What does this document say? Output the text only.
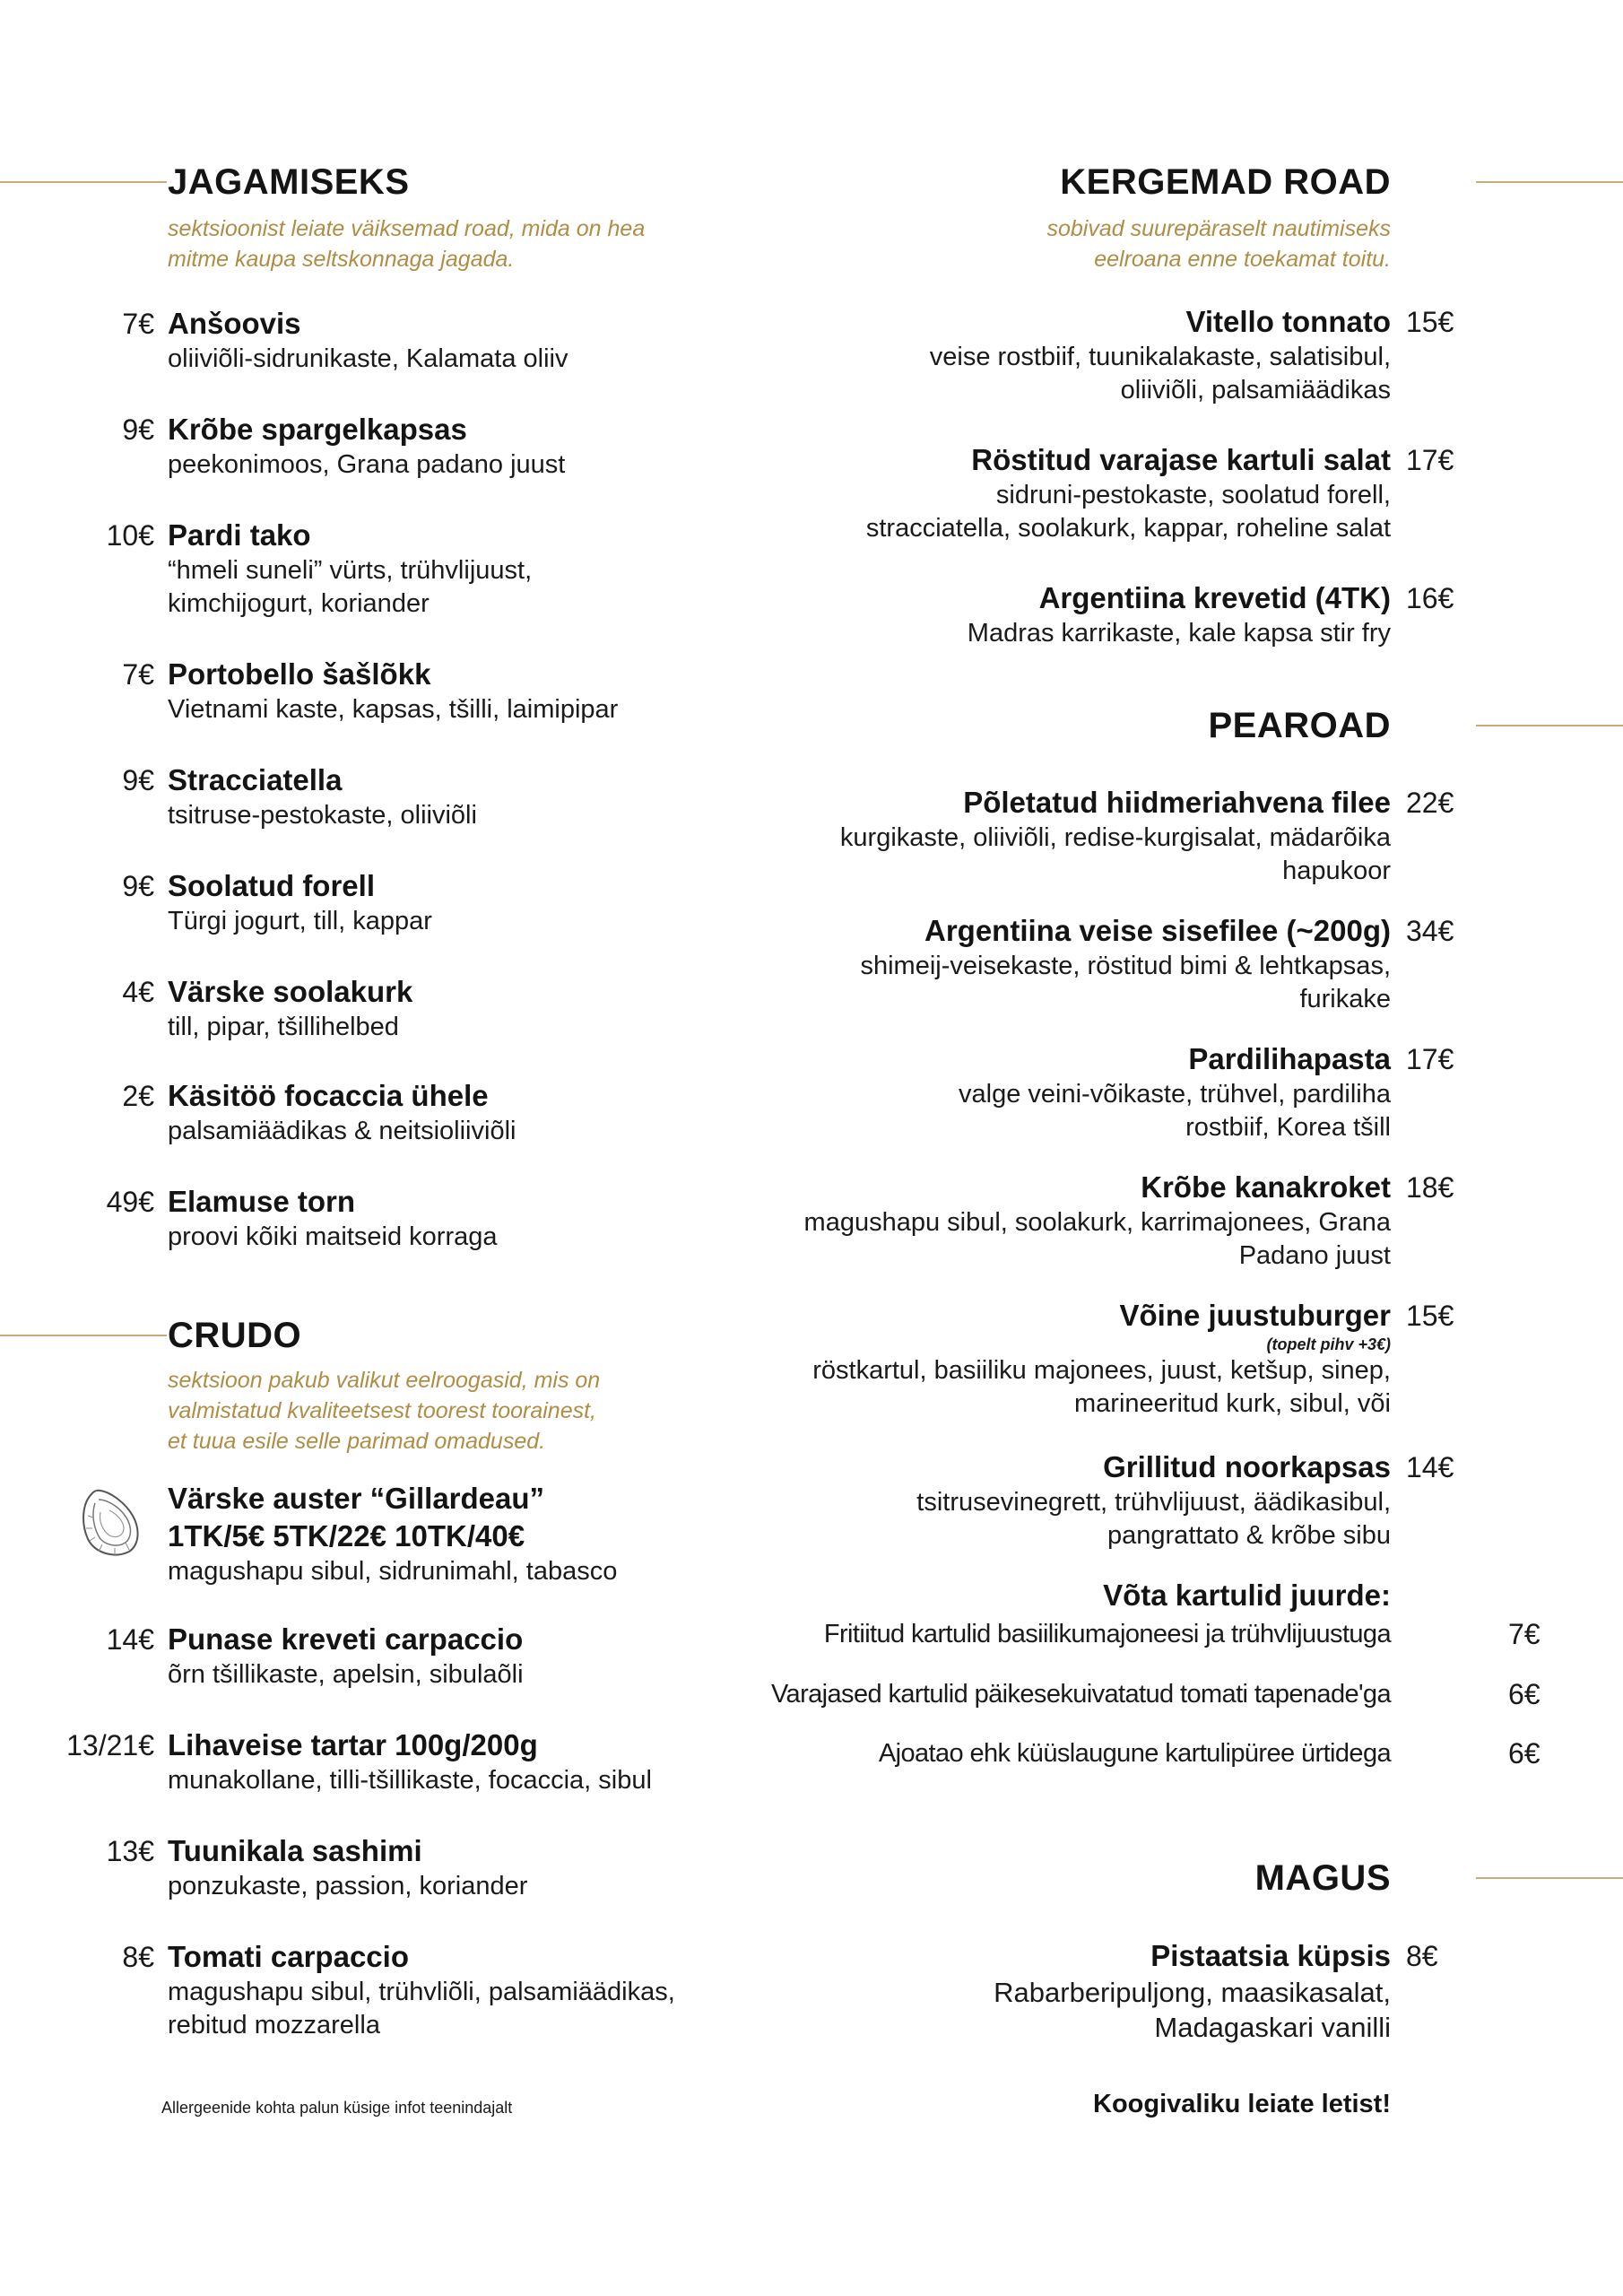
JAGAMISEKS
sektsioonist leiate väiksemad road, mida on hea
mitme kaupa seltskonnaga jagada.
7€ Anšoovis
oliiviõli-sidrunikaste, Kalamata oliiv
9€ Krõbe spargelkapsas
peekonimoos, Grana padano juust
10€ Pardi tako
“hmeli suneli” vürts, trühvlijuust,
kimchijogurt, koriander
7€ Portobello šašlõkk
Vietnami kaste, kapsas, tšilli, laimipipar
9€ Stracciatella
tsitruse-pestokaste, oliiviõli
9€ Soolatud forell
Türgi jogurt, till, kappar
4€ Värske soolakurk
till, pipar, tšillihelbed
2€ Käsitöö focaccia ühele
palsamiäädikas & neitsioliiviõli
49€ Elamuse torn
proovi kõiki maitseid korraga
CRUDO
sektsioon pakub valikut eelroogasid, mis on
valmistatud kvaliteetsest toorest toorainest,
et tuua esile selle parimad omadused.
Värske auster “Gillardeau”
1TK/5€ 5TK/22€ 10TK/40€
magushapu sibul, sidrunimahl, tabasco
14€ Punase kreveti carpaccio
õrn tšillikaste, apelsin, sibulaõli
13/21€ Lihaveise tartar 100g/200g
munakollane, tilli-tšillikaste, focaccia, sibul
13€ Tuunikala sashimi
ponzukaste, passion, koriander
8€ Tomati carpaccio
magushapu sibul, trühvliõli, palsamiäädikas,
rebitud mozzarella
Allergeenide kohta palun küsige infot teenindajalt
KERGEMAD ROAD
sobivad suurepäraselt nautimiseks
eelroana enne toekamat toitu.
15€
Vitello tonnato
veise rostbiif, tuunikalakaste, salatisibul,
oliiviõli, palsamiäädikas
17€
Röstitud varajase kartuli salat
sidruni-pestokaste, soolatud forell,
stracciatella, soolakurk, kappar, roheline salat
16€
Argentiina krevetid (4TK)
Madras karrikaste, kale kapsa stir fry
PEAROAD
22€
Põletatud hiidmeriahvena filee
kurgikaste, oliiviõli, redise-kurgisalat, mädarõika
hapukoor
34€
Argentiina veise sisefilee (~200g)
shimeij-veisekaste, röstitud bimi & lehtkapsas,
furikake
17€
Pardilihapasta
valge veini-võikaste, trühvel, pardiliha
rostbiif, Korea tšill
18€
Krõbe kanakroket
magushapu sibul, soolakurk, karrimajonees, Grana
Padano juust
15€
Võine juustuburger
(topelt pihv +3€)
röstkartul, basiiliku majonees, juust, ketšup, sinep,
marineeritud kurk, sibul, või
14€
Grillitud noorkapsas
tsitrusevinegrett, trühvlijuust, äädikasibul,
pangrattato & krõbe sibu
Võta kartulid juurde:
Fritiitud kartulid basiilikumajoneesi ja trühvlijuustuga	7€
Varajased kartulid päikesekuivatatud tomati tapenade'ga	6€
Ajoatao ehk küüslaugune kartulipüree ürtidega	6€
MAGUS
8€
Pistaatsia küpsis
Rabarberipuljong, maasikasalat,
Madagaskari vanilli
Koogivaliku leiate letist!
